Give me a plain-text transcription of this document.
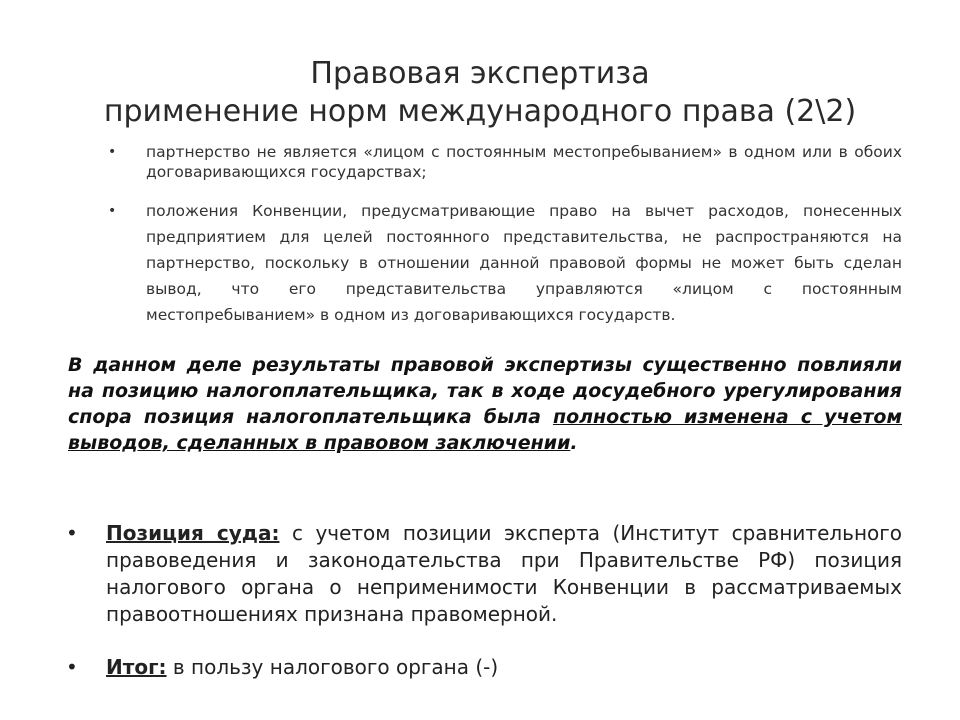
Правовая экспертиза
применение норм международного права (2\2)
• партнерство не является «лицом с постоянным местопребыванием» в одном или в обоих договаривающихся государствах;
• положения Конвенции, предусматривающие право на вычет расходов, понесенных предприятием для целей постоянного представительства, не распространяются на партнерство, поскольку в отношении данной правовой формы не может быть сделан вывод, что его представительства управляются «лицом с постоянным местопребыванием» в одном из договаривающихся государств.
В данном деле результаты правовой экспертизы существенно повлияли на позицию налогоплательщика, так в ходе досудебного урегулирования спора позиция налогоплательщика была полностью изменена с учетом выводов, сделанных в правовом заключении.
• Позиция суда: с учетом позиции эксперта (Институт сравнительного правоведения и законодательства при Правительстве РФ) позиция налогового органа о неприменимости Конвенции в рассматриваемых правоотношениях признана правомерной.
• Итог: в пользу налогового органа (-)
